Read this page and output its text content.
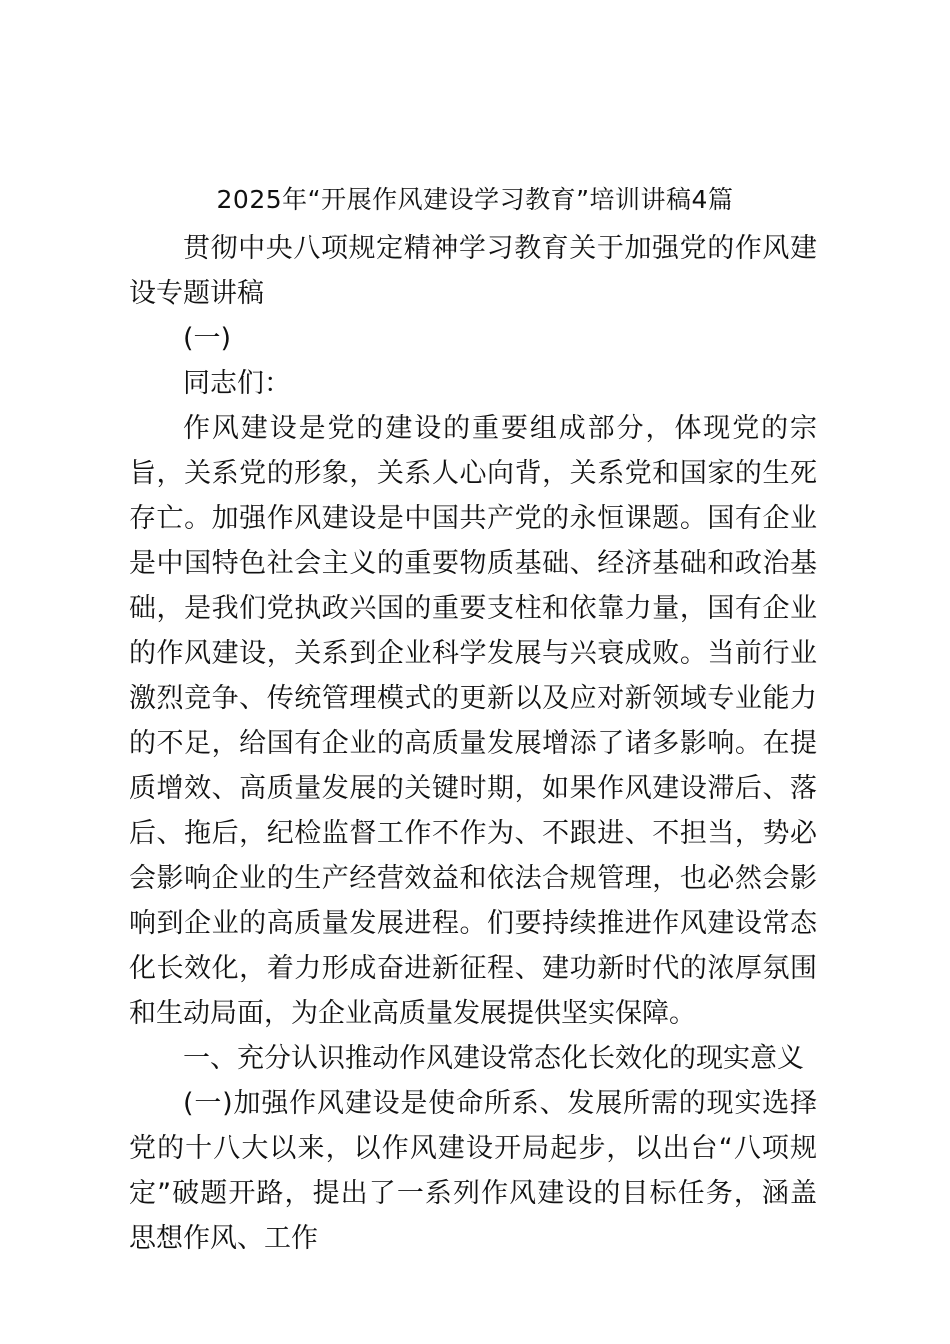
2025年“开展作风建设学习教育”培训讲稿4篇

贯彻中央八项规定精神学习教育关于加强党的作风建设专题讲稿

(一)

同志们：

作风建设是党的建设的重要组成部分，体现党的宗旨，关系党的形象，关系人心向背，关系党和国家的生死存亡。加强作风建设是中国共产党的永恒课题。国有企业是中国特色社会主义的重要物质基础、经济基础和政治基础，是我们党执政兴国的重要支柱和依靠力量，国有企业的作风建设，关系到企业科学发展与兴衰成败。当前行业激烈竞争、传统管理模式的更新以及应对新领域专业能力的不足，给国有企业的高质量发展增添了诸多影响。在提质增效、高质量发展的关键时期，如果作风建设滞后、落后、拖后，纪检监督工作不作为、不跟进、不担当，势必会影响企业的生产经营效益和依法合规管理，也必然会影响到企业的高质量发展进程。们要持续推进作风建设常态化长效化，着力形成奋进新征程、建功新时代的浓厚氛围和生动局面，为企业高质量发展提供坚实保障。

一、充分认识推动作风建设常态化长效化的现实意义

(一)加强作风建设是使命所系、发展所需的现实选择党的十八大以来，以作风建设开局起步，以出台“八项规定”破题开路，提出了一系列作风建设的目标任务，涵盖思想作风、工作
